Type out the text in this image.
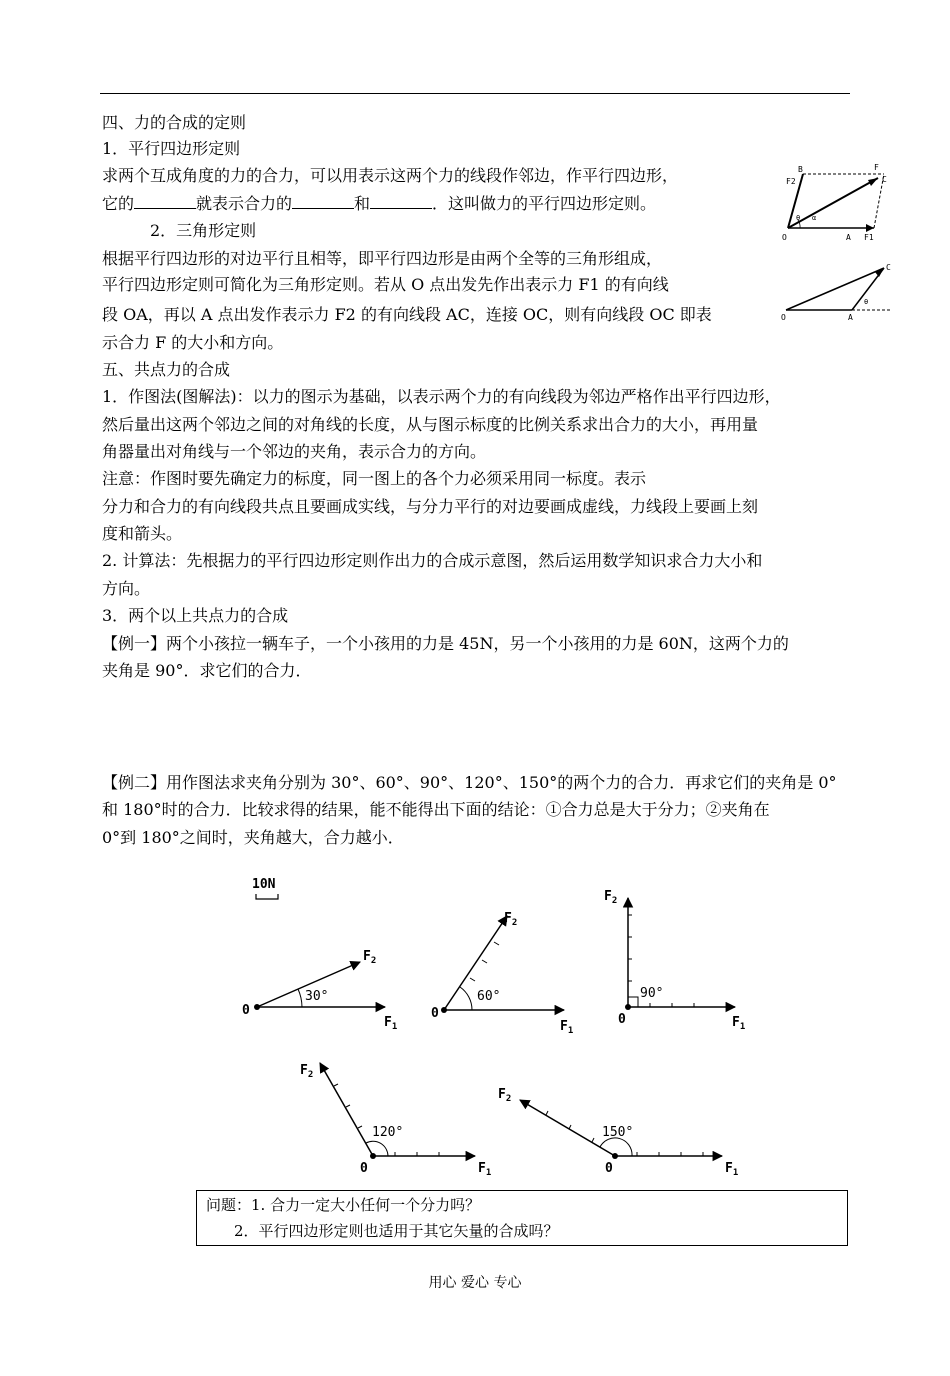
四、力的合成的定则
1．平行四边形定则
求两个互成角度的力的合力，可以用表示这两个力的线段作邻边，作平行四边形，
它的	就表示合力的	和	．这叫做力的平行四边形定则。
2．三角形定则
根据平行四边形的对边平行且相等，即平行四边形是由两个全等的三角形组成，
平行四边形定则可简化为三角形定则。若从 O 点出发先作出表示力 F1 的有向线
段 OA，再以 A 点出发作表示力 F2 的有向线段 AC，连接 OC，则有向线段 OC 即表
示合力 F 的大小和方向。
B	F
F2	C
O	A F1
θ α
C
O	A
θ
五、共点力的合成
1．作图法(图解法)：以力的图示为基础，以表示两个力的有向线段为邻边严格作出平行四边形，
然后量出这两个邻边之间的对角线的长度，从与图示标度的比例关系求出合力的大小，再用量
角器量出对角线与一个邻边的夹角，表示合力的方向。
注意：作图时要先确定力的标度，同一图上的各个力必须采用同一标度。表示
分力和合力的有向线段共点且要画成实线，与分力平行的对边要画成虚线，力线段上要画上刻
度和箭头。
2. 计算法：先根据力的平行四边形定则作出力的合成示意图，然后运用数学知识求合力大小和
方向。
3．两个以上共点力的合成
【例一】两个小孩拉一辆车子，一个小孩用的力是 45N，另一个小孩用的力是 60N，这两个力的
夹角是 90°．求它们的合力．
【例二】用作图法求夹角分别为 30°、60°、90°、120°、150°的两个力的合力．再求它们的夹角是 0°
和 180°时的合力．比较求得的结果，能不能得出下面的结论：①合力总是大于分力；②夹角在
0°到 180°之间时，夹角越大，合力越小．
10N
0
30°
$F_1$
$F_2$
0
60°
$F_1$
$F_2$
0
90°
$F_1$
$F_2$
0
120°
$F_1$
$F_2$
0
150°
$F_1$
$F_2$
问题：1. 合力一定大小任何一个分力吗？
2．平行四边形定则也适用于其它矢量的合成吗？
用心 爱心 专心
